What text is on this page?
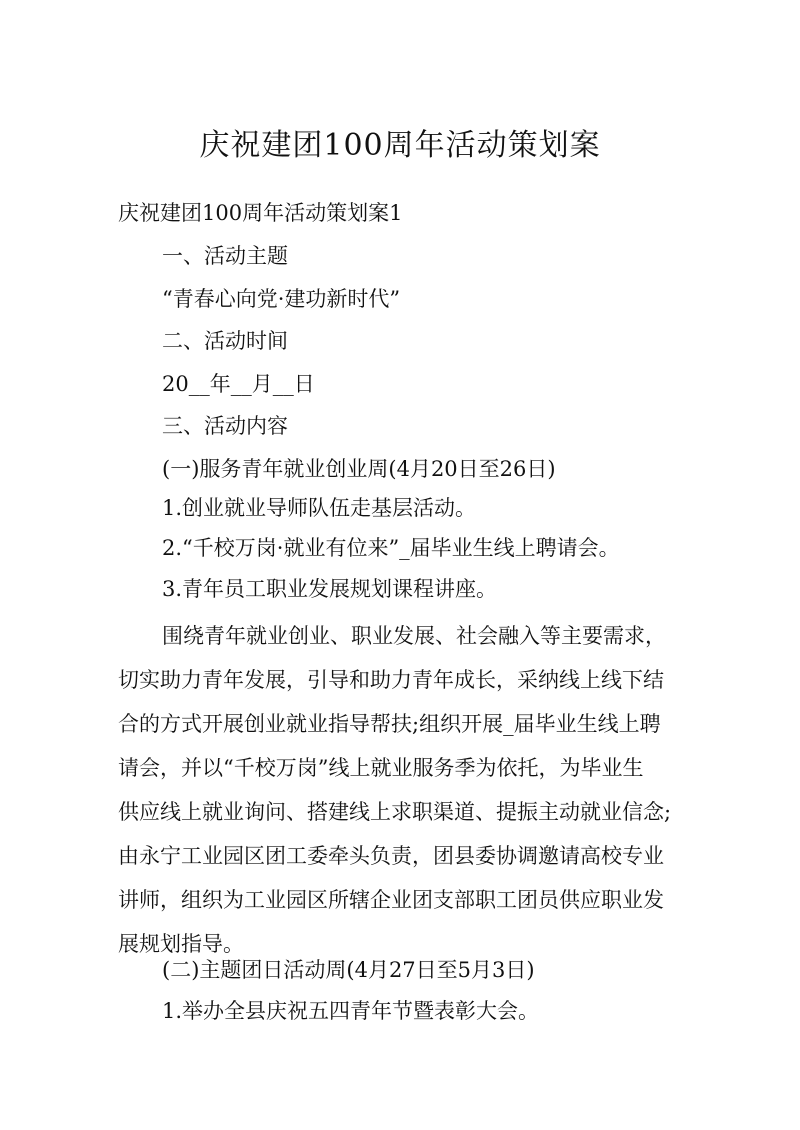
庆祝建团100周年活动策划案
庆祝建团100周年活动策划案1
一、活动主题
“青春心向党·建功新时代”
二、活动时间
20__年__月__日
三、活动内容
(一)服务青年就业创业周(4月20日至26日)
1.创业就业导师队伍走基层活动。
2.“千校万岗·就业有位来”_届毕业生线上聘请会。
3.青年员工职业发展规划课程讲座。
围绕青年就业创业、职业发展、社会融入等主要需求，
切实助力青年发展，引导和助力青年成长，采纳线上线下结
合的方式开展创业就业指导帮扶;组织开展_届毕业生线上聘
请会，并以“千校万岗”线上就业服务季为依托，为毕业生
供应线上就业询问、搭建线上求职渠道、提振主动就业信念;
由永宁工业园区团工委牵头负责，团县委协调邀请高校专业
讲师，组织为工业园区所辖企业团支部职工团员供应职业发
展规划指导。
(二)主题团日活动周(4月27日至5月3日)
1.举办全县庆祝五四青年节暨表彰大会。
